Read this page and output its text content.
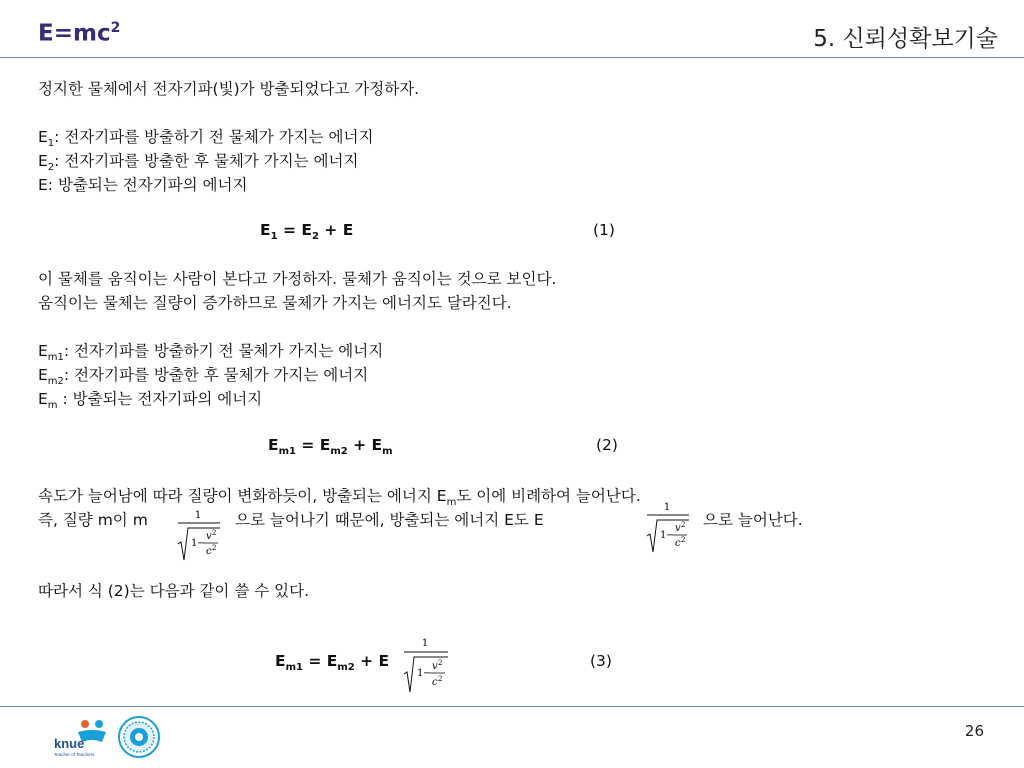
$E=mc^2$	5. 신뢰성확보기술
정지한 물체에서 전자기파(빛)가 방출되었다고 가정하자.
$E_1$: 전자기파를 방출하기 전 물체가 가지는 에너지
$E_2$: 전자기파를 방출한 후 물체가 가지는 에너지
E: 방출되는 전자기파의 에너지
$E_1 = E_2 + E$	(1)
이 물체를 움직이는 사람이 본다고 가정하자. 물체가 움직이는 것으로 보인다.
움직이는 물체는 질량이 증가하므로 물체가 가지는 에너지도 달라진다.
$E_{m1}$: 전자기파를 방출하기 전 물체가 가지는 에너지
$E_{m2}$: 전자기파를 방출한 후 물체가 가지는 에너지
$E_m$ : 방출되는 전자기파의 에너지
$E_{m1} = E_{m2} + E_m$	(2)
속도가 늘어남에 따라 질량이 변화하듯이, 방출되는 에너지 $E_m$도 이에 비례하여 늘어난다.
즉, 질량 m이 m	1
1 −
v 2
c 2
으로 늘어나기 때문에, 방출되는 에너지 E도 E
1
1 −
v 2
c 2
으로 늘어난다.
따라서 식 (2)는 다음과 같이 쓸 수 있다.
$E_{m1} = E_{m2} + E$
1
1 −
v 2
c 2
(3)
knue
Teacher of Teachers
26
